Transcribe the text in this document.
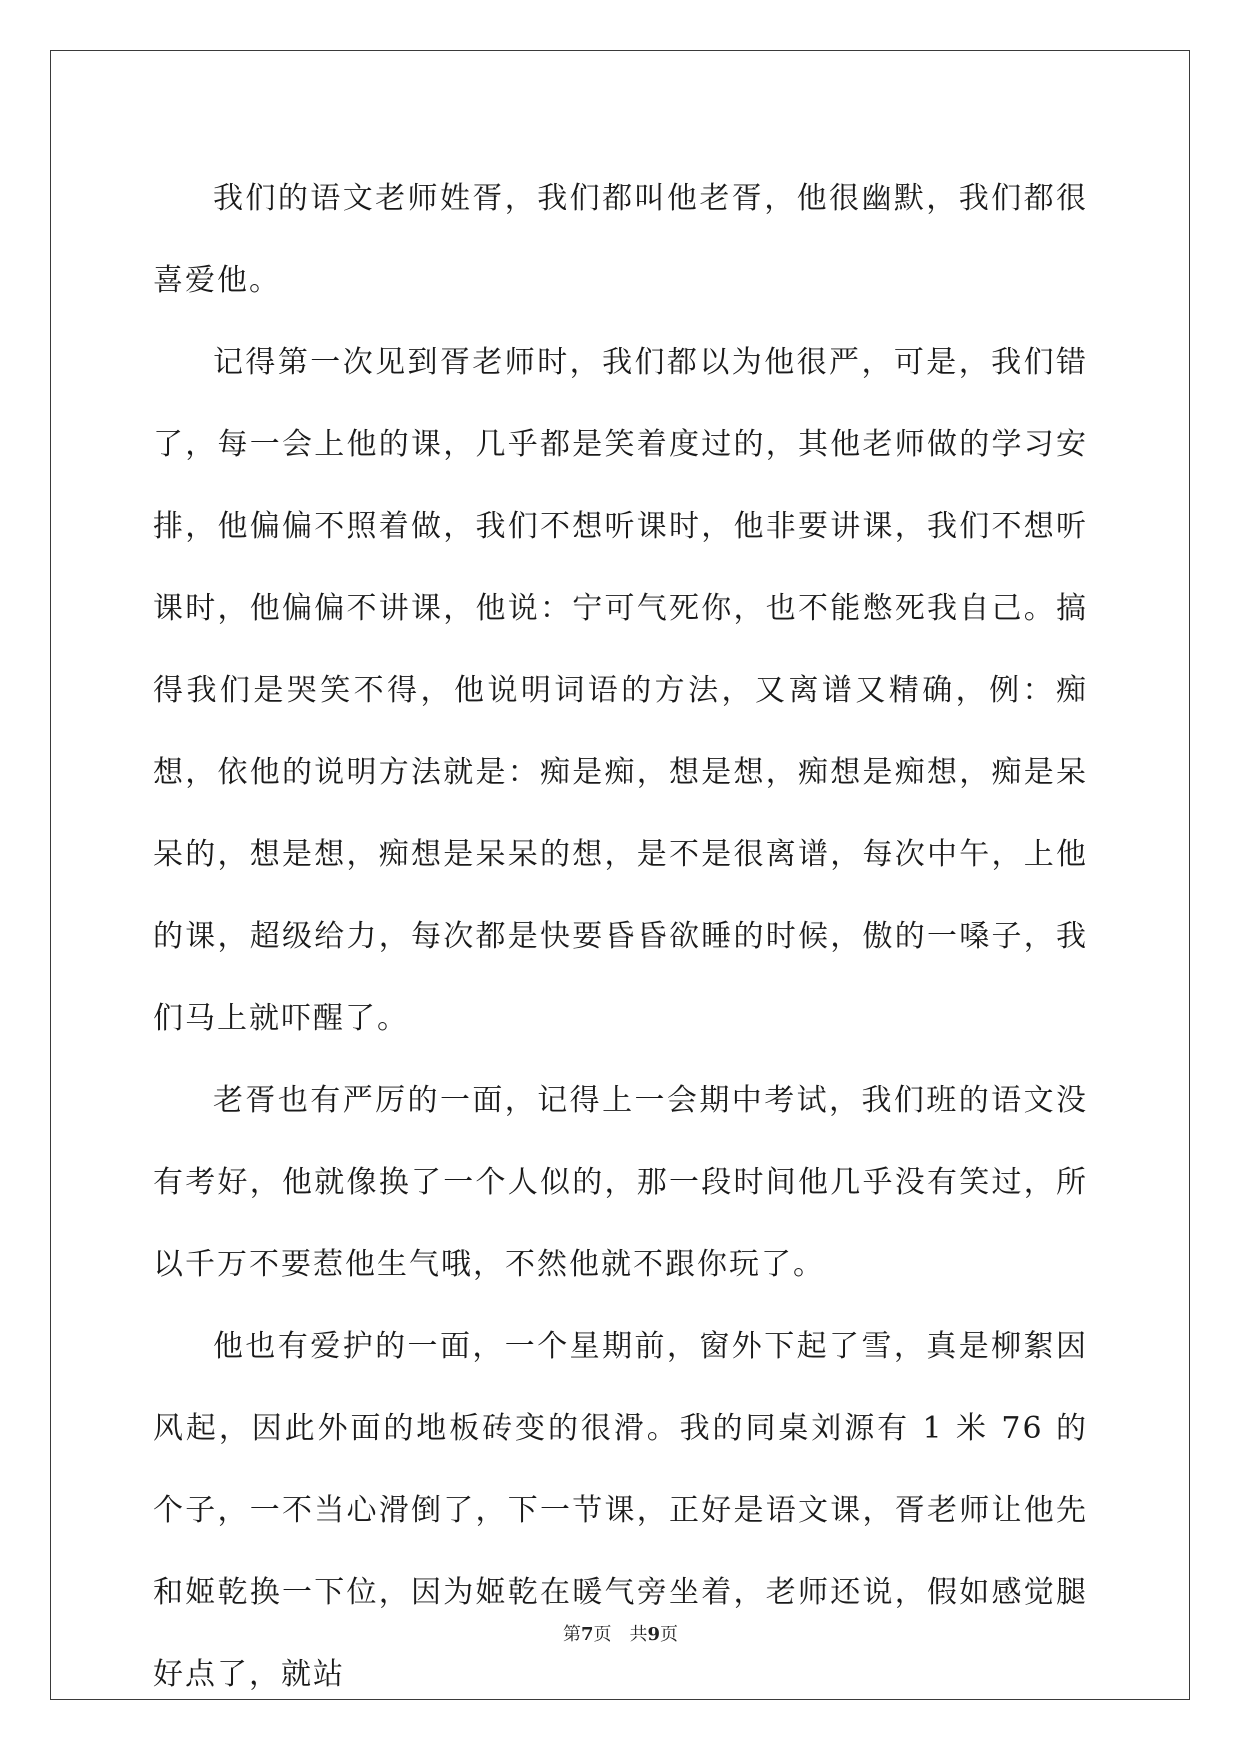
我们的语文老师姓胥，我们都叫他老胥，他很幽默，我们都很喜爱他。

记得第一次见到胥老师时，我们都以为他很严，可是，我们错了，每一会上他的课，几乎都是笑着度过的，其他老师做的学习安排，他偏偏不照着做，我们不想听课时，他非要讲课，我们不想听课时，他偏偏不讲课，他说：宁可气死你，也不能憋死我自己。搞得我们是哭笑不得，他说明词语的方法，又离谱又精确，例：痴想，依他的说明方法就是：痴是痴，想是想，痴想是痴想，痴是呆呆的，想是想，痴想是呆呆的想，是不是很离谱，每次中午，上他的课，超级给力，每次都是快要昏昏欲睡的时候，傲的一嗓子，我们马上就吓醒了。

老胥也有严厉的一面，记得上一会期中考试，我们班的语文没有考好，他就像换了一个人似的，那一段时间他几乎没有笑过，所以千万不要惹他生气哦，不然他就不跟你玩了。

他也有爱护的一面，一个星期前，窗外下起了雪，真是柳絮因风起，因此外面的地板砖变的很滑。我的同桌刘源有 1 米 76 的个子，一不当心滑倒了，下一节课，正好是语文课，胥老师让他先和姬乾换一下位，因为姬乾在暖气旁坐着，老师还说，假如感觉腿好点了，就站

第7页 共9页
